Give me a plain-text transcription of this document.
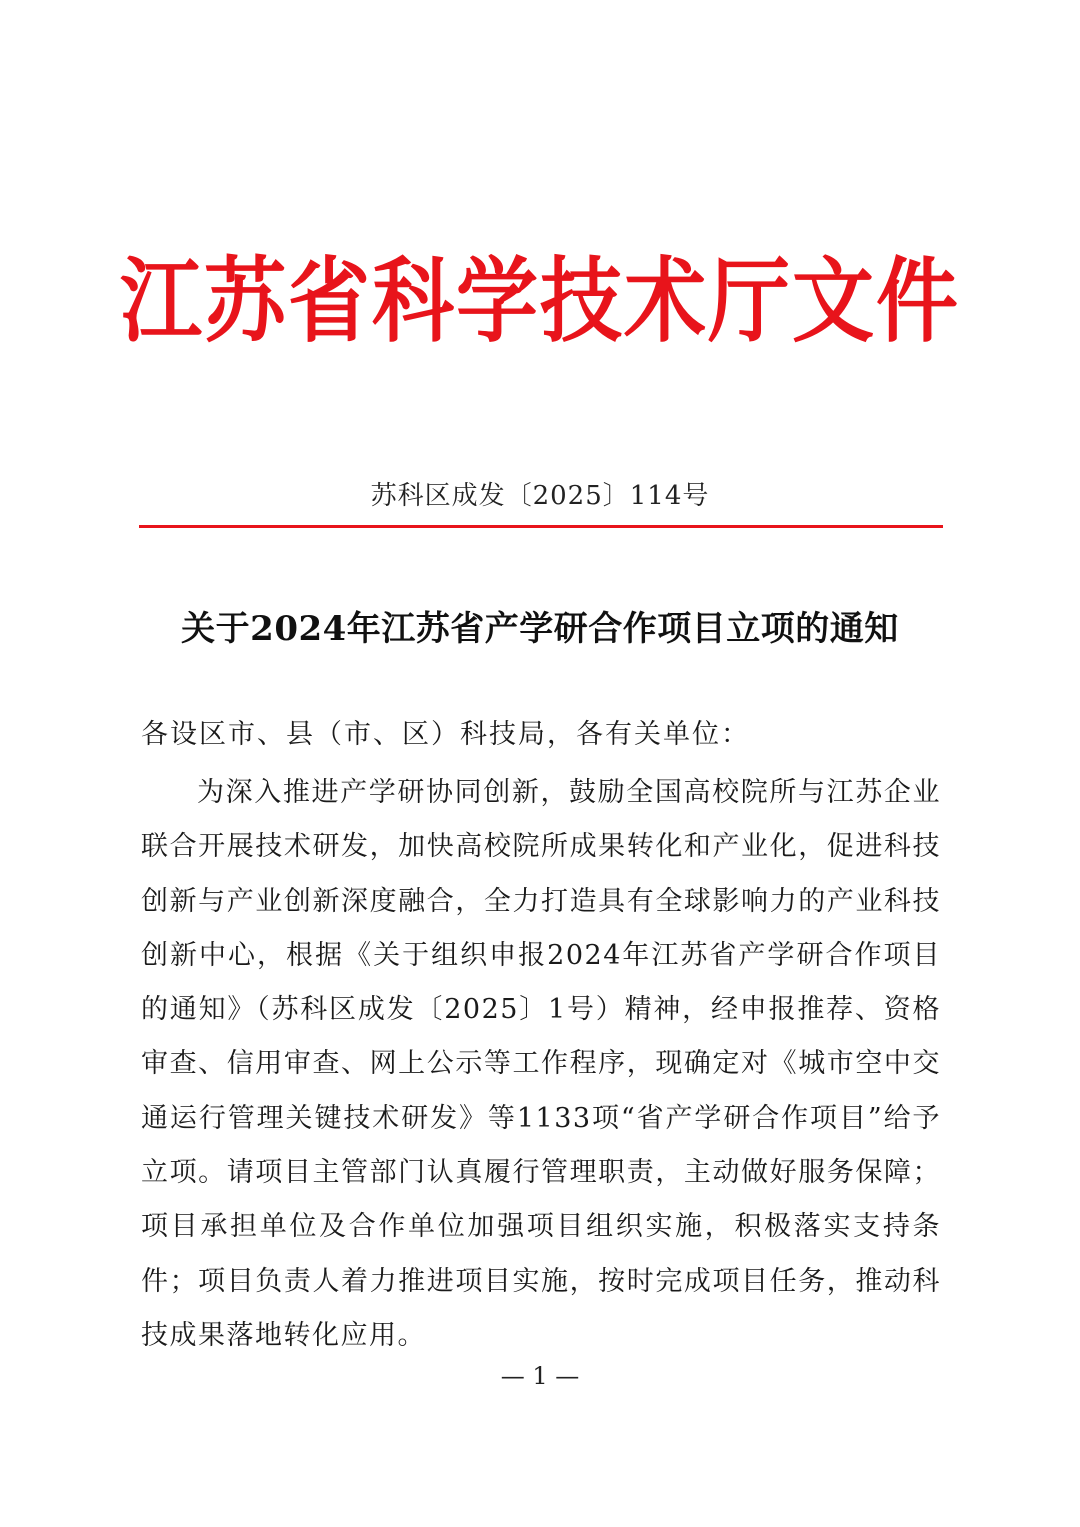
江苏省科学技术厅文件
苏科区成发〔2025〕114号
关于2024年江苏省产学研合作项目立项的通知
各设区市、县（市、区）科技局，各有关单位：

为深入推进产学研协同创新，鼓励全国高校院所与江苏企业联合开展技术研发，加快高校院所成果转化和产业化，促进科技创新与产业创新深度融合，全力打造具有全球影响力的产业科技创新中心，根据《关于组织申报2024年江苏省产学研合作项目的通知》（苏科区成发〔2025〕1号）精神，经申报推荐、资格审查、信用审查、网上公示等工作程序，现确定对《城市空中交通运行管理关键技术研发》等1133项“省产学研合作项目”给予立项。请项目主管部门认真履行管理职责，主动做好服务保障；项目承担单位及合作单位加强项目组织实施，积极落实支持条件；项目负责人着力推进项目实施，按时完成项目任务，推动科技成果落地转化应用。

— 1 —
